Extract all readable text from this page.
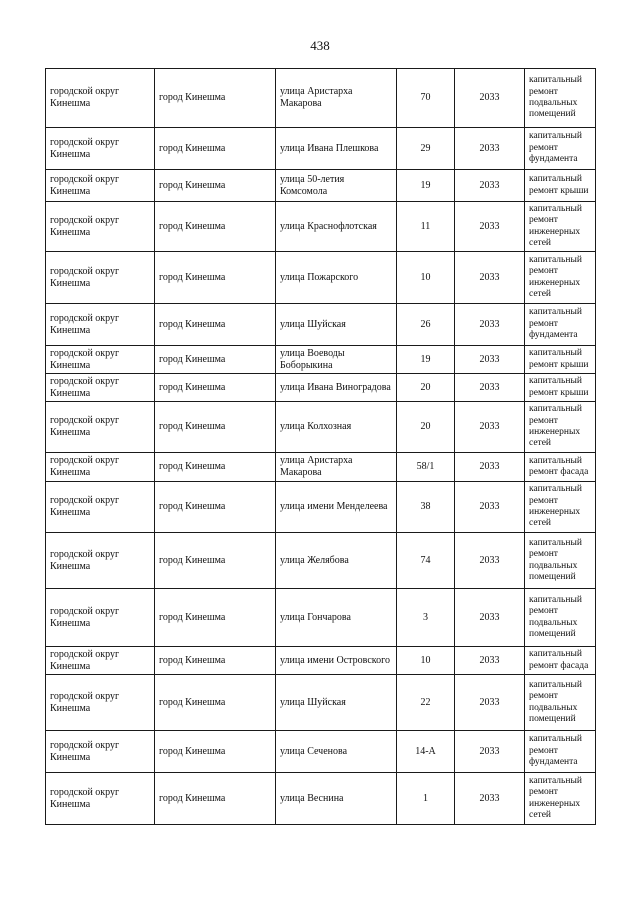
438
городской округ Кинешма	город Кинешма	улица Аристарха Макарова	70	2033	капитальный ремонт подвальных помещений
городской округ Кинешма	город Кинешма	улица Ивана Плешкова	29	2033	капитальный ремонт фундамента
городской округ Кинешма	город Кинешма	улица 50-летия Комсомола	19	2033	капитальный ремонт крыши
городской округ Кинешма	город Кинешма	улица Краснофлотская	11	2033	капитальный ремонт инженерных сетей
городской округ Кинешма	город Кинешма	улица Пожарского	10	2033	капитальный ремонт инженерных сетей
городской округ Кинешма	город Кинешма	улица Шуйская	26	2033	капитальный ремонт фундамента
городской округ Кинешма	город Кинешма	улица Воеводы Боборыкина	19	2033	капитальный ремонт крыши
городской округ Кинешма	город Кинешма	улица Ивана Виноградова	20	2033	капитальный ремонт крыши
городской округ Кинешма	город Кинешма	улица Колхозная	20	2033	капитальный ремонт инженерных сетей
городской округ Кинешма	город Кинешма	улица Аристарха Макарова	58/1	2033	капитальный ремонт фасада
городской округ Кинешма	город Кинешма	улица имени Менделеева	38	2033	капитальный ремонт инженерных сетей
городской округ Кинешма	город Кинешма	улица Желябова	74	2033	капитальный ремонт подвальных помещений
городской округ Кинешма	город Кинешма	улица Гончарова	3	2033	капитальный ремонт подвальных помещений
городской округ Кинешма	город Кинешма	улица имени Островского	10	2033	капитальный ремонт фасада
городской округ Кинешма	город Кинешма	улица Шуйская	22	2033	капитальный ремонт подвальных помещений
городской округ Кинешма	город Кинешма	улица Сеченова	14-А	2033	капитальный ремонт фундамента
городской округ Кинешма	город Кинешма	улица Веснина	1	2033	капитальный ремонт инженерных сетей
